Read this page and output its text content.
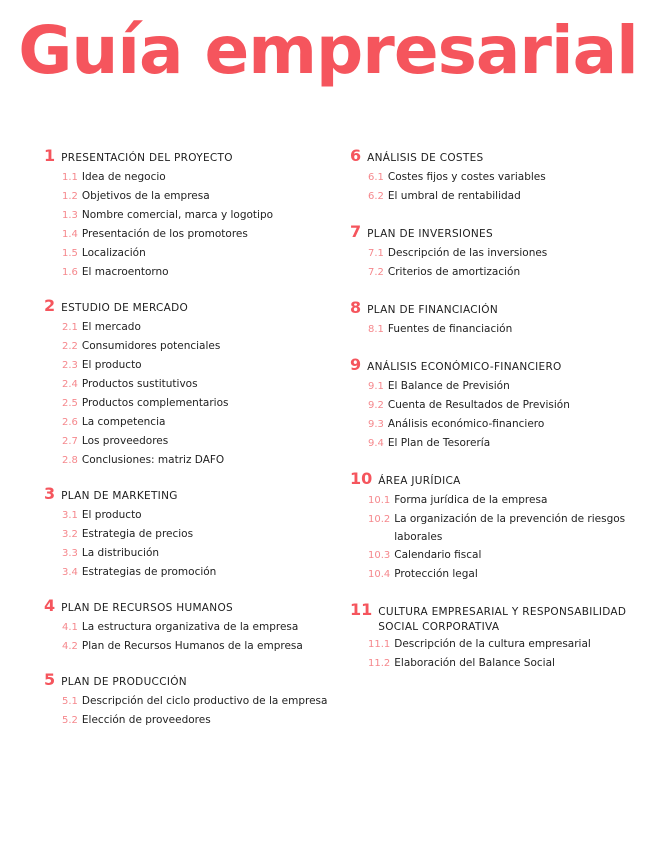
Guía empresarial
1 PRESENTACIÓN DEL PROYECTO
1.1 Idea de negocio
1.2 Objetivos de la empresa
1.3 Nombre comercial, marca y logotipo
1.4 Presentación de los promotores
1.5 Localización
1.6 El macroentorno
2 ESTUDIO DE MERCADO
2.1 El mercado
2.2 Consumidores potenciales
2.3 El producto
2.4 Productos sustitutivos
2.5 Productos complementarios
2.6 La competencia
2.7 Los proveedores
2.8 Conclusiones: matriz DAFO
3 PLAN DE MARKETING
3.1 El producto
3.2 Estrategia de precios
3.3 La distribución
3.4 Estrategias de promoción
4 PLAN DE RECURSOS HUMANOS
4.1 La estructura organizativa de la empresa
4.2 Plan de Recursos Humanos de la empresa
5 PLAN DE PRODUCCIÓN
5.1 Descripción del ciclo productivo de la empresa
5.2 Elección de proveedores
6 ANÁLISIS DE COSTES
6.1 Costes fijos y costes variables
6.2 El umbral de rentabilidad
7 PLAN DE INVERSIONES
7.1 Descripción de las inversiones
7.2 Criterios de amortización
8 PLAN DE FINANCIACIÓN
8.1 Fuentes de financiación
9 ANÁLISIS ECONÓMICO-FINANCIERO
9.1 El Balance de Previsión
9.2 Cuenta de Resultados de Previsión
9.3 Análisis económico-financiero
9.4 El Plan de Tesorería
10 ÁREA JURÍDICA
10.1 Forma jurídica de la empresa
10.2 La organización de la prevención de riesgos laborales
10.3 Calendario fiscal
10.4 Protección legal
11 CULTURA EMPRESARIAL Y RESPONSABILIDAD SOCIAL CORPORATIVA
11.1 Descripción de la cultura empresarial
11.2 Elaboración del Balance Social
